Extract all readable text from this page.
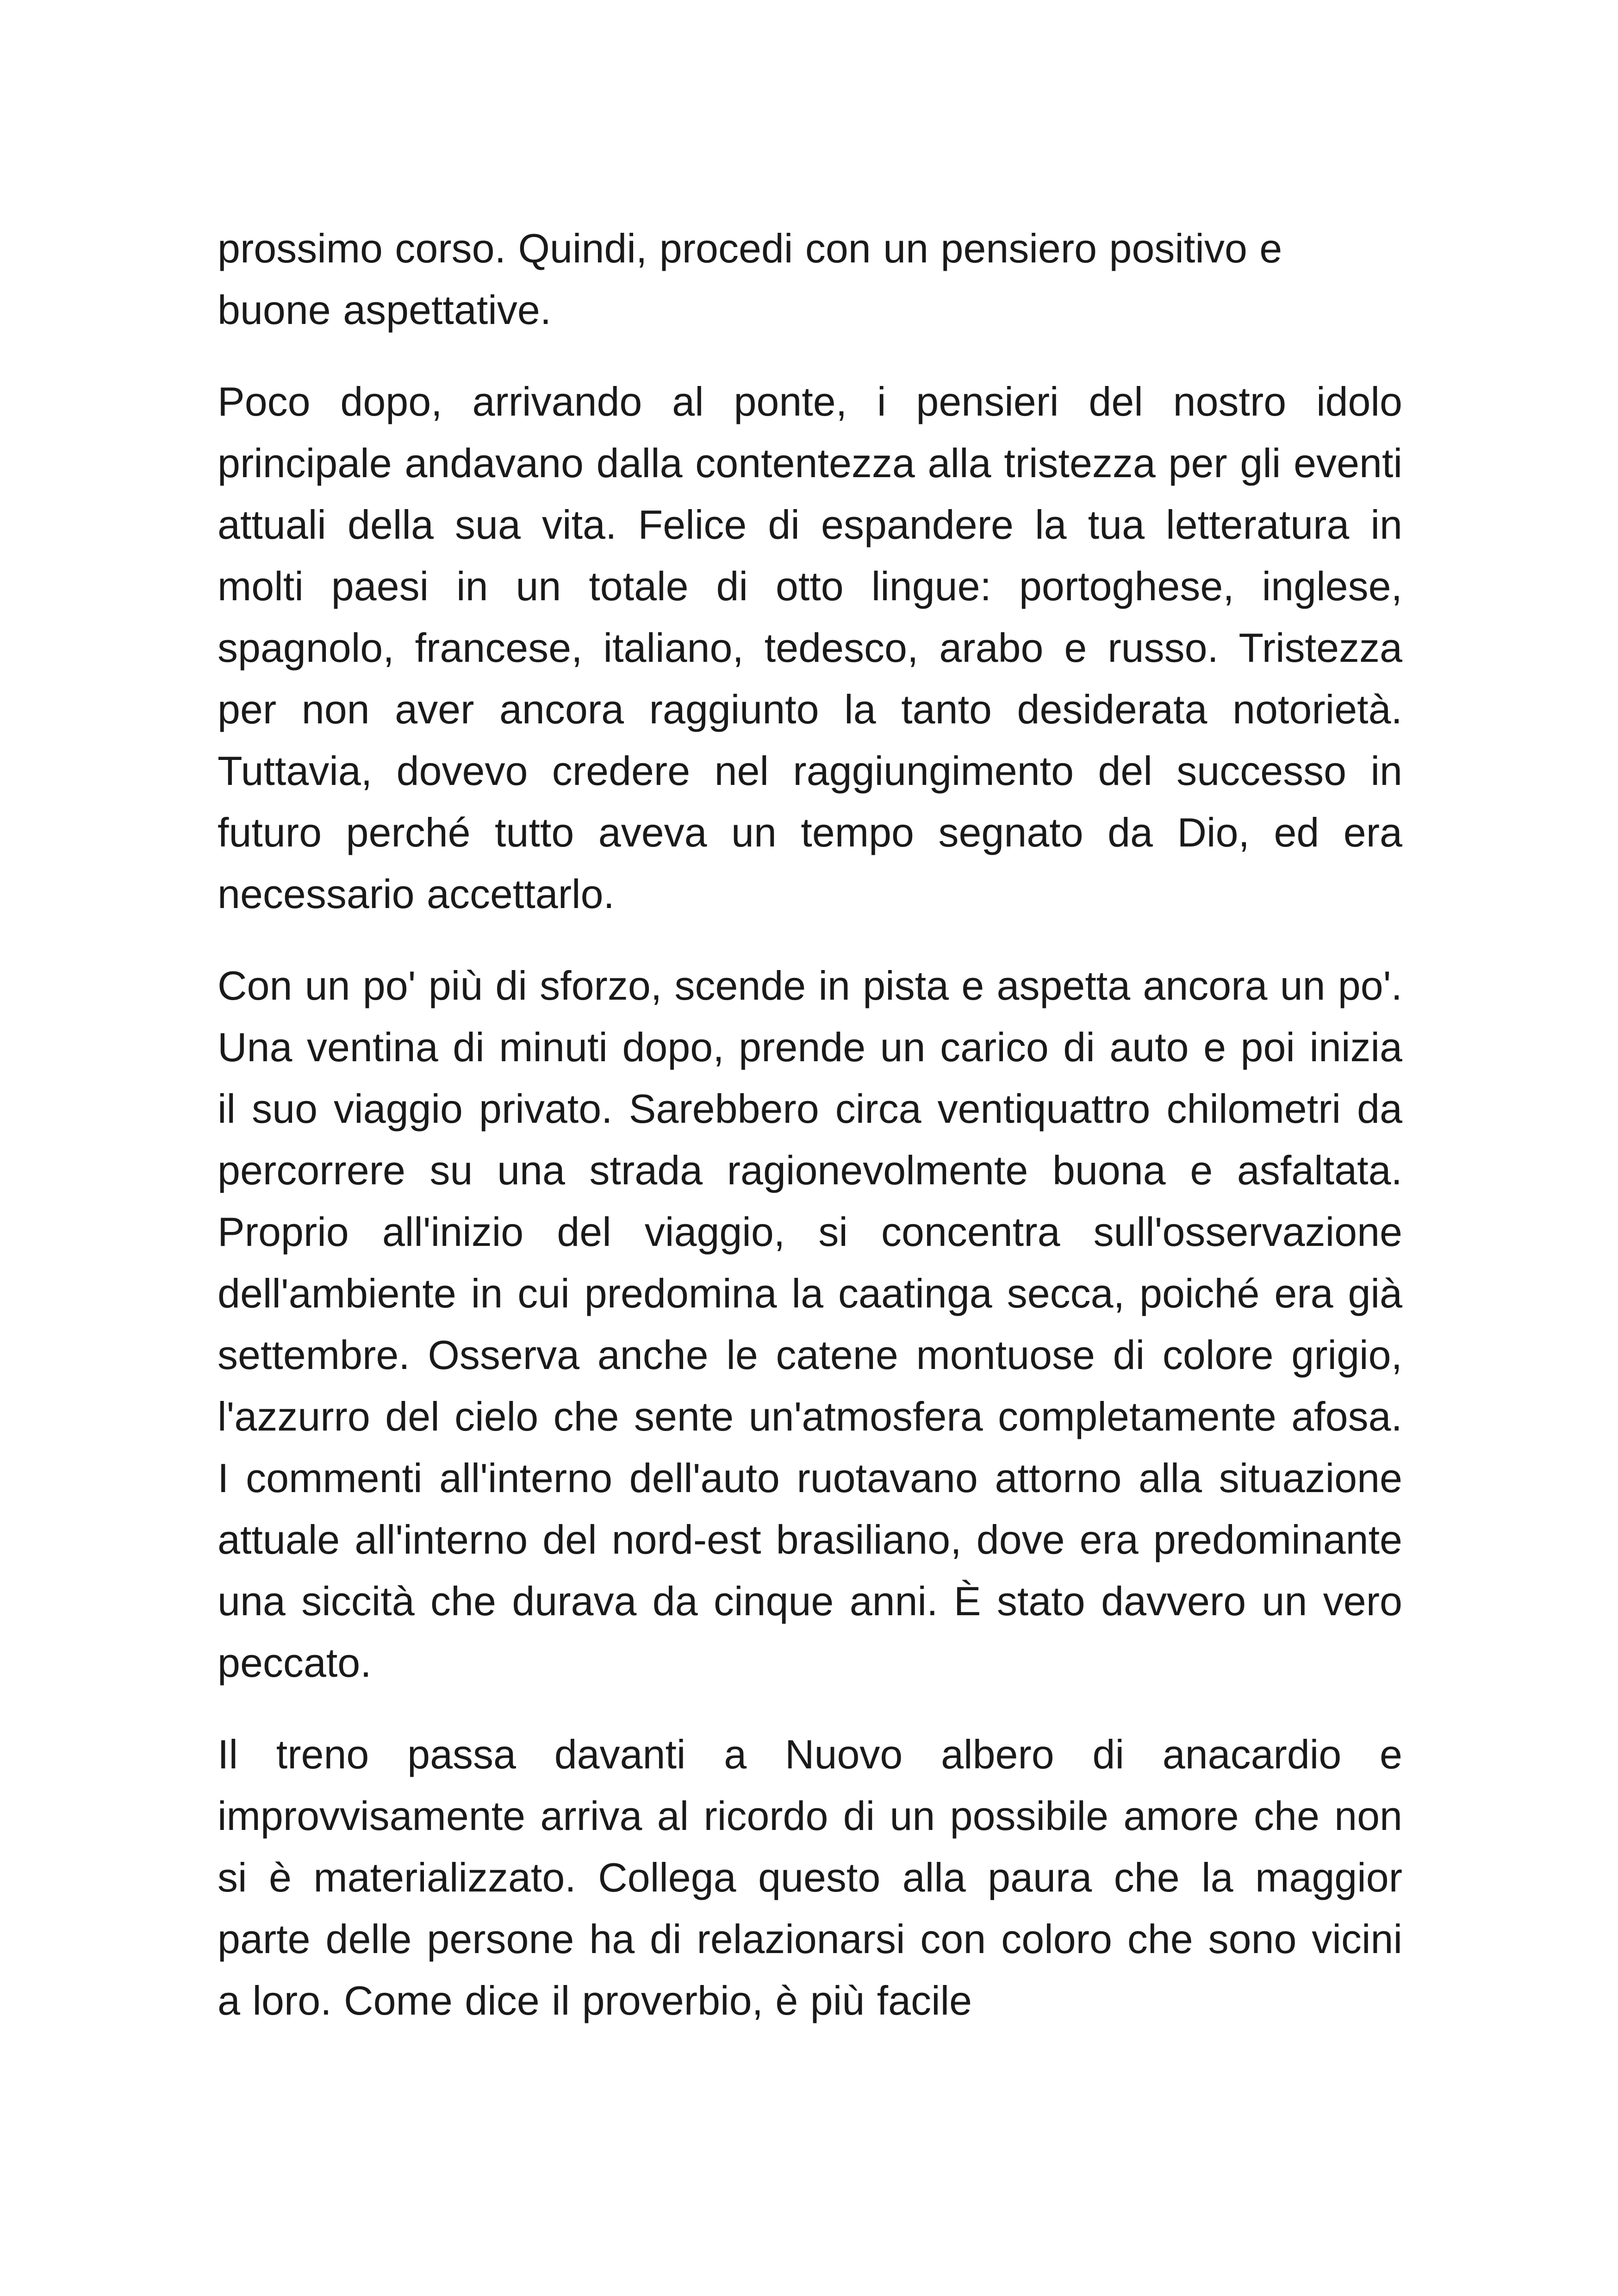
prossimo corso. Quindi, procedi con un pensiero positivo e buone aspettative.

Poco dopo, arrivando al ponte, i pensieri del nostro idolo principale andavano dalla contentezza alla tristezza per gli eventi attuali della sua vita. Felice di espandere la tua letteratura in molti paesi in un totale di otto lingue: portoghese, inglese, spagnolo, francese, italiano, tedesco, arabo e russo. Tristezza per non aver ancora raggiunto la tanto desiderata notorietà. Tuttavia, dovevo credere nel raggiungimento del successo in futuro perché tutto aveva un tempo segnato da Dio, ed era necessario accettarlo.

Con un po' più di sforzo, scende in pista e aspetta ancora un po'. Una ventina di minuti dopo, prende un carico di auto e poi inizia il suo viaggio privato. Sarebbero circa ventiquattro chilometri da percorrere su una strada ragionevolmente buona e asfaltata. Proprio all'inizio del viaggio, si concentra sull'osservazione dell'ambiente in cui predomina la caatinga secca, poiché era già settembre. Osserva anche le catene montuose di colore grigio, l'azzurro del cielo che sente un'atmosfera completamente afosa. I commenti all'interno dell'auto ruotavano attorno alla situazione attuale all'interno del nord-est brasiliano, dove era predominante una siccità che durava da cinque anni. È stato davvero un vero peccato.

Il treno passa davanti a Nuovo albero di anacardio e improvvisamente arriva al ricordo di un possibile amore che non si è materializzato. Collega questo alla paura che la maggior parte delle persone ha di relazionarsi con coloro che sono vicini a loro. Come dice il proverbio, è più facile
